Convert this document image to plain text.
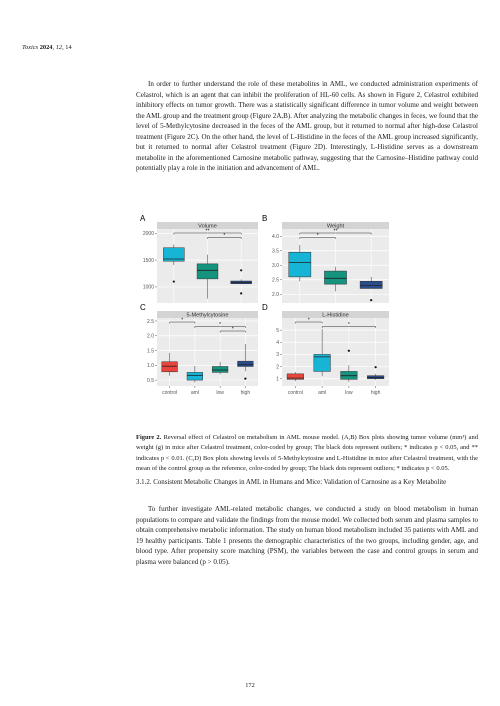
Toxics 2024, 12, 14

In order to further understand the role of these metabolites in AML, we conducted administration experiments of Celastrol, which is an agent that can inhibit the proliferation of HL-60 cells. As shown in Figure 2, Celastrol exhibited inhibitory effects on tumor growth. There was a statistically significant difference in tumor volume and weight between the AML group and the treatment group (Figure 2A,B). After analyzing the metabolic changes in feces, we found that the level of 5-Methylcytosine decreased in the feces of the AML group, but it returned to normal after high-dose Celastrol treatment (Figure 2C). On the other hand, the level of L-Histidine in the feces of the AML group increased significantly, but it returned to normal after Celastrol treatment (Figure 2D). Interestingly, L-Histidine serves as a downstream metabolite in the aforementioned Carnosine metabolic pathway, suggesting that the Carnosine–Histidine pathway could potentially play a role in the initiation and advancement of AML.

A
Volume
1000
1500
2000	**
*
B
Weight
2.0
2.5
3.0
3.5
4.0
**
*
C
5-Methylcytosine
0.5
1.0
1.5
2.0
2.5	*
*
*
control	aml	low	high
D
L-Histidine
1
2
3
4
5
*
*
control	aml	low	high

Figure 2. Reversal effect of Celastrol on metabolism in AML mouse model. (A,B) Box plots showing tumor volume (mm³) and weight (g) in mice after Celastrol treatment, color-coded by group; The black dots represent outliers; * indicates p < 0.05, and ** indicates p < 0.01. (C,D) Box plots showing levels of 5-Methylcytosine and L-Histidine in mice after Celastrol treatment, with the mean of the control group as the reference, color-coded by group; The black dots represent outliers; * indicates p < 0.05.

3.1.2. Consistent Metabolic Changes in AML in Humans and Mice: Validation of Carnosine as a Key Metabolite

To further investigate AML-related metabolic changes, we conducted a study on blood metabolism in human populations to compare and validate the findings from the mouse model. We collected both serum and plasma samples to obtain comprehensive metabolic information. The study on human blood metabolism included 35 patients with AML and 19 healthy participants. Table 1 presents the demographic characteristics of the two groups, including gender, age, and blood type. After propensity score matching (PSM), the variables between the case and control groups in serum and plasma were balanced (p > 0.05).

172
